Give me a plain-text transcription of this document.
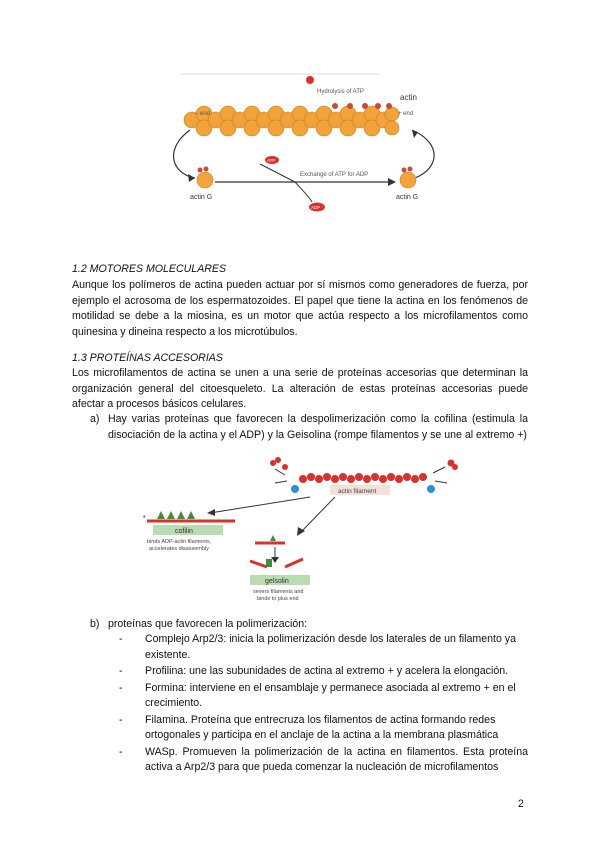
Hydrolysis of ATP
actin
– end	+ end
Exchange of ATP for ADP
ATP
ADP
actin G	actin G
1.2 MOTORES MOLECULARES
Aunque los polímeros de actina pueden actuar por sí mismos como generadores de fuerza, por ejemplo el acrosoma de los espermatozoides. El papel que tiene la actina en los fenómenos de motilidad se debe a la miosina, es un motor que actúa respecto a los microfilamentos como quinesina y dineina respecto a los microtúbulos.
1.3 PROTEÍNAS ACCESORIAS
Los microfilamentos de actina se unen a una serie de proteínas accesorias que determinan la organización general del citoesqueleto. La alteración de estas proteínas accesorias puede afectar a procesos básicos celulares.
a) Hay varias proteínas que favorecen la despolimerización como la cofilina (estimula la disociación de la actina y el ADP) y la Geisolina (rompe filamentos y se une al extremo +)
actin filament
•
cofilin
binds ADP-actin filaments,
accelerates disassembly
gelsolin
severs filaments and
binds to plus end
b) proteínas que favorecen la polimerización:
- Complejo Arp2/3: inicia la polimerización desde los laterales de un filamento ya existente.
- Profilina: une las subunidades de actina al extremo + y acelera la elongación.
- Formina: interviene en el ensamblaje y permanece asociada al extremo + en el crecimiento.
- Filamina. Proteína que entrecruza los filamentos de actina formando redes ortogonales y participa en el anclaje de la actina a la membrana plasmática
- WASp. Promueven la polimerización de la actina en filamentos. Esta proteína activa a Arp2/3 para que pueda comenzar la nucleación de microfilamentos
2
